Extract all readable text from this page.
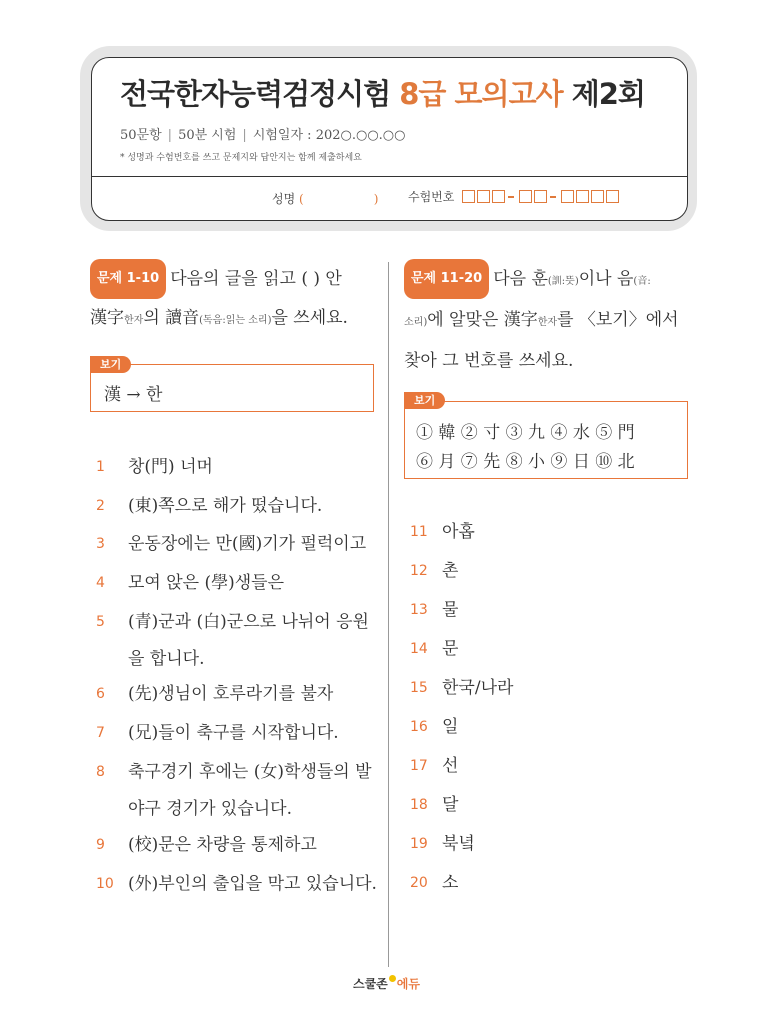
전국한자능력검정시험 8급 모의고사 제2회
50문항 | 50분 시험 | 시험일자 : 202○.○○.○○
* 성명과 수험번호를 쓰고 문제지와 답안지는 함께 제출하세요
성명 (	) 수험번호
문제 1-10 다음의 글을 읽고 ( ) 안
漢字한자의 讀音(독음:읽는 소리)을 쓰세요.
보기
漢 → 한
1 창(門) 너머
2 (東)쪽으로 해가 떴습니다.
3 운동장에는 만(國)기가 펄럭이고
4 모여 앉은 (學)생들은
5 (青)군과 (白)군으로 나뉘어 응원을 합니다.
6 (先)생님이 호루라기를 불자
7 (兄)들이 축구를 시작합니다.
8 축구경기 후에는 (女)학생들의 발야구 경기가 있습니다.
9 (校)문은 차량을 통제하고
10 (外)부인의 출입을 막고 있습니다.
문제 11-20 다음 훈(訓:뜻)이나 음(音:
소리)에 알맞은 漢字한자를 〈보기〉에서
찾아 그 번호를 쓰세요.
보기
① 韓 ② 寸 ③ 九 ④ 水 ⑤ 門
⑥ 月 ⑦ 先 ⑧ 小 ⑨ 日 ⑩ 北
11 아홉
12 촌
13 물
14 문
15 한국/나라
16 일
17 선
18 달
19 북녘
20 소
스쿨존 에듀
